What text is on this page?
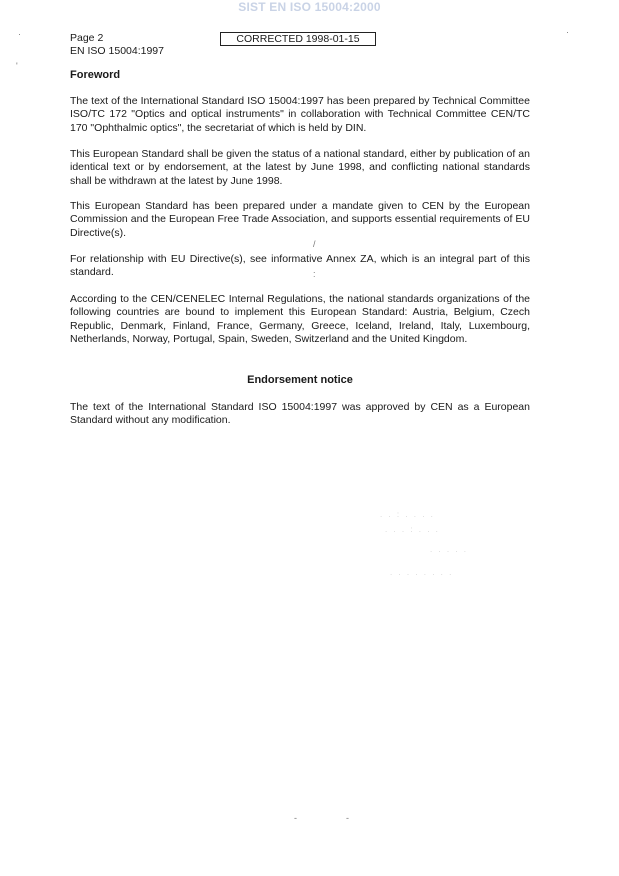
SIST EN ISO 15004:2000
Page 2
EN ISO 15004:1997
CORRECTED 1998-01-15
Foreword
The text of the International Standard ISO 15004:1997 has been prepared by Technical Committee ISO/TC 172 "Optics and optical instruments" in collaboration with Technical Committee CEN/TC 170 "Ophthalmic optics", the secretariat of which is held by DIN.
This European Standard shall be given the status of a national standard, either by publication of an identical text or by endorsement, at the latest by June 1998, and conflicting national standards shall be withdrawn at the latest by June 1998.
This European Standard has been prepared under a mandate given to CEN by the European Commission and the European Free Trade Association, and supports essential requirements of EU Directive(s).
For relationship with EU Directive(s), see informative Annex ZA, which is an integral part of this standard.
According to the CEN/CENELEC Internal Regulations, the national standards organizations of the following countries are bound to implement this European Standard: Austria, Belgium, Czech Republic, Denmark, Finland, France, Germany, Greece, Iceland, Ireland, Italy, Luxembourg, Netherlands, Norway, Portugal, Spain, Sweden, Switzerland and the United Kingdom.
Endorsement notice
The text of the International Standard ISO 15004:1997 was approved by CEN as a European Standard without any modification.
·
'
·
/
:
-	-
. . : . . . .
. . . : . . .
. . . . .
. . . . . . . .
